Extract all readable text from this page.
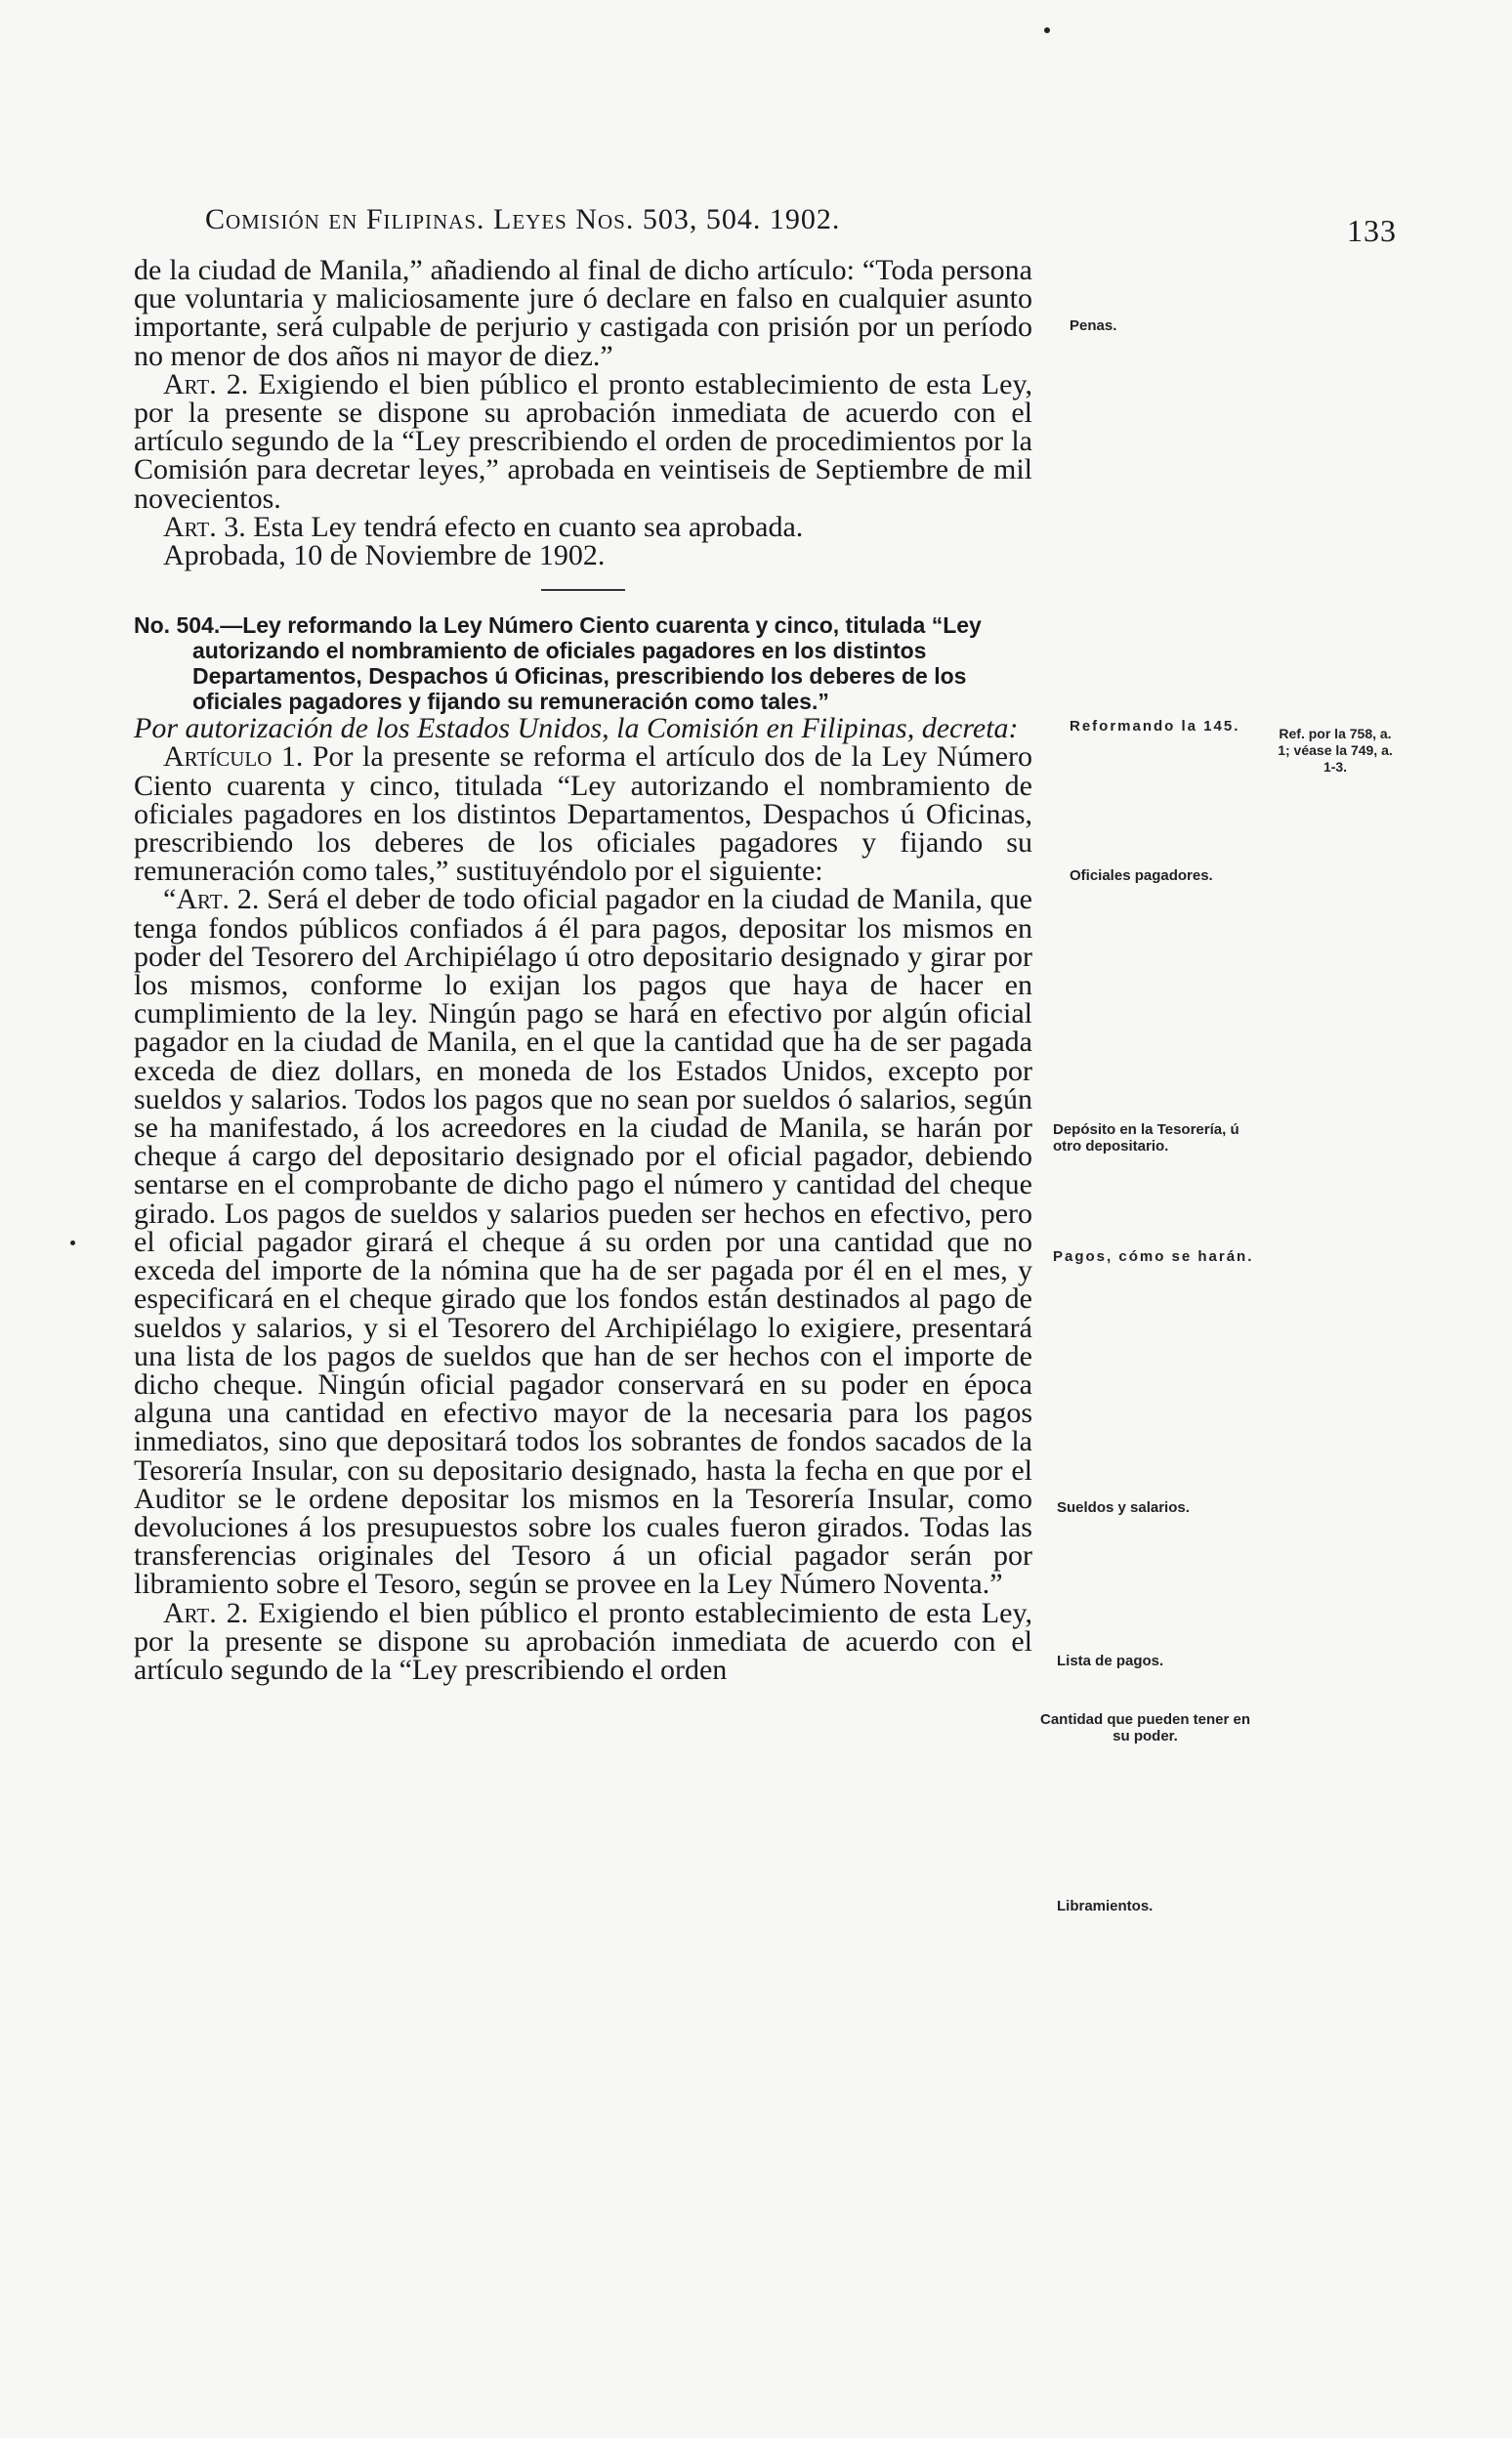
Comisión en Filipinas. Leyes Nos. 503, 504. 1902.	133

de la ciudad de Manila,” añadiendo al final de dicho artículo: “Toda persona que voluntaria y maliciosamente jure ó declare en falso en cualquier asunto importante, será culpable de perjurio y castigada con prisión por un período no menor de dos años ni mayor de diez.”

Art. 2. Exigiendo el bien público el pronto establecimiento de esta Ley, por la presente se dispone su aprobación inmediata de acuerdo con el artículo segundo de la “Ley prescribiendo el orden de procedimientos por la Comisión para decretar leyes,” aprobada en veintiseis de Septiembre de mil novecientos.

Art. 3. Esta Ley tendrá efecto en cuanto sea aprobada.

Aprobada, 10 de Noviembre de 1902.

No. 504.—Ley reformando la Ley Número Ciento cuarenta y cinco, titulada “Ley autorizando el nombramiento de oficiales pagadores en los distintos Departamentos, Despachos ú Oficinas, prescribiendo los deberes de los oficiales pagadores y fijando su remuneración como tales.”

Por autorización de los Estados Unidos, la Comisión en Filipinas, decreta:

Artículo 1. Por la presente se reforma el artículo dos de la Ley Número Ciento cuarenta y cinco, titulada “Ley autorizando el nombramiento de oficiales pagadores en los distintos Departamentos, Despachos ú Oficinas, prescribiendo los deberes de los oficiales pagadores y fijando su remuneración como tales,” sustituyéndolo por el siguiente:

“Art. 2. Será el deber de todo oficial pagador en la ciudad de Manila, que tenga fondos públicos confiados á él para pagos, depositar los mismos en poder del Tesorero del Archipiélago ú otro depositario designado y girar por los mismos, conforme lo exijan los pagos que haya de hacer en cumplimiento de la ley. Ningún pago se hará en efectivo por algún oficial pagador en la ciudad de Manila, en el que la cantidad que ha de ser pagada exceda de diez dollars, en moneda de los Estados Unidos, excepto por sueldos y salarios. Todos los pagos que no sean por sueldos ó salarios, según se ha manifestado, á los acreedores en la ciudad de Manila, se harán por cheque á cargo del depositario designado por el oficial pagador, debiendo sentarse en el comprobante de dicho pago el número y cantidad del cheque girado. Los pagos de sueldos y salarios pueden ser hechos en efectivo, pero el oficial pagador girará el cheque á su orden por una cantidad que no exceda del importe de la nómina que ha de ser pagada por él en el mes, y especificará en el cheque girado que los fondos están destinados al pago de sueldos y salarios, y si el Tesorero del Archipiélago lo exigiere, presentará una lista de los pagos de sueldos que han de ser hechos con el importe de dicho cheque. Ningún oficial pagador conservará en su poder en época alguna una cantidad en efectivo mayor de la necesaria para los pagos inmediatos, sino que depositará todos los sobrantes de fondos sacados de la Tesorería Insular, con su depositario designado, hasta la fecha en que por el Auditor se le ordene depositar los mismos en la Tesorería Insular, como devoluciones á los presupuestos sobre los cuales fueron girados. Todas las transferencias originales del Tesoro á un oficial pagador serán por libramiento sobre el Tesoro, según se provee en la Ley Número Noventa.”

Art. 2. Exigiendo el bien público el pronto establecimiento de esta Ley, por la presente se dispone su aprobación inmediata de acuerdo con el artículo segundo de la “Ley prescribiendo el orden

Penas.
Reformando la 145.	Ref. por la 758, a. 1; véase la 749, a. 1-3.
Oficiales pagadores.
Depósito en la Tesorería, ú otro depositario.
Pagos, cómo se harán.
Sueldos y salarios.
Lista de pagos.
Cantidad que pueden tener en su poder.
Libramientos.
